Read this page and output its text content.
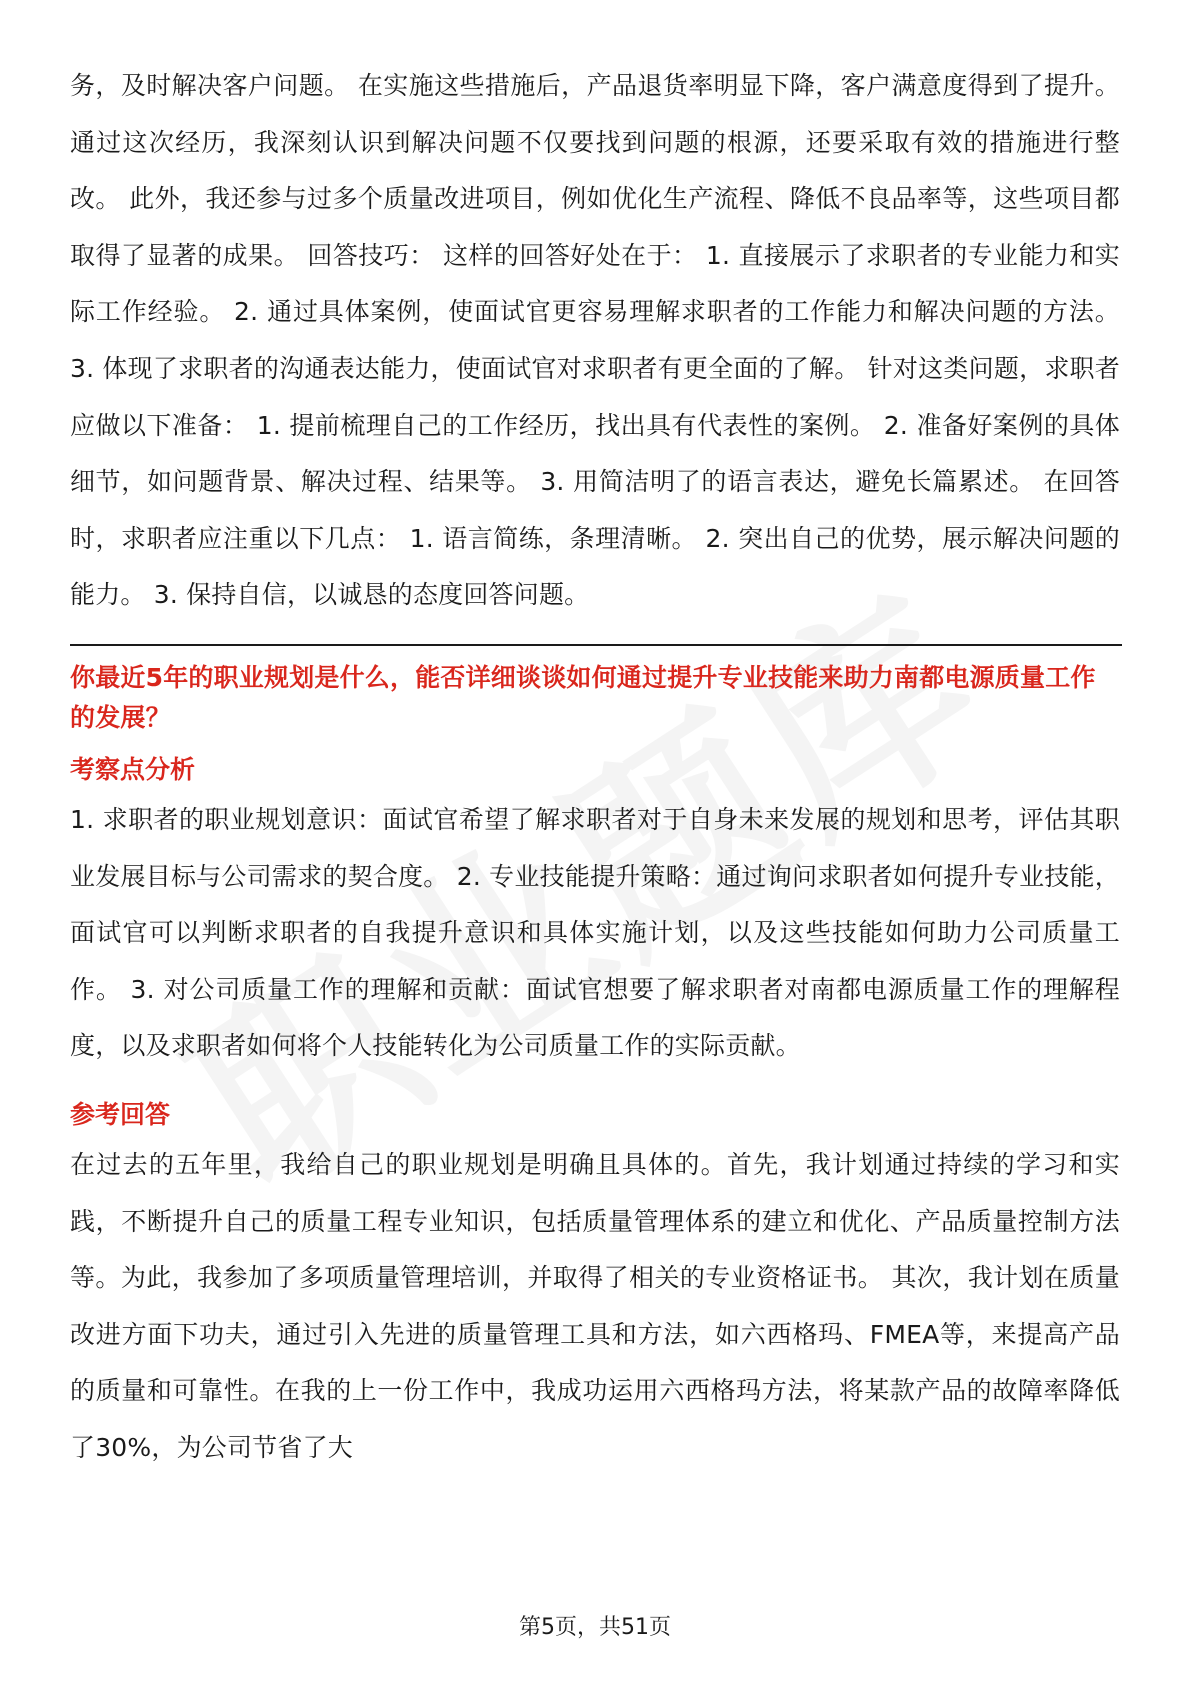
务，及时解决客户问题。 在实施这些措施后，产品退货率明显下降，客户满意度得到了提升。通过这次经历，我深刻认识到解决问题不仅要找到问题的根源，还要采取有效的措施进行整改。 此外，我还参与过多个质量改进项目，例如优化生产流程、降低不良品率等，这些项目都取得了显著的成果。 回答技巧： 这样的回答好处在于： 1. 直接展示了求职者的专业能力和实际工作经验。 2. 通过具体案例，使面试官更容易理解求职者的工作能力和解决问题的方法。 3. 体现了求职者的沟通表达能力，使面试官对求职者有更全面的了解。 针对这类问题，求职者应做以下准备： 1. 提前梳理自己的工作经历，找出具有代表性的案例。 2. 准备好案例的具体细节，如问题背景、解决过程、结果等。 3. 用简洁明了的语言表达，避免长篇累述。 在回答时，求职者应注重以下几点： 1. 语言简练，条理清晰。 2. 突出自己的优势，展示解决问题的能力。 3. 保持自信，以诚恳的态度回答问题。

你最近5年的职业规划是什么，能否详细谈谈如何通过提升专业技能来助力南都电源质量工作的发展？

考察点分析

1. 求职者的职业规划意识：面试官希望了解求职者对于自身未来发展的规划和思考，评估其职业发展目标与公司需求的契合度。 2. 专业技能提升策略：通过询问求职者如何提升专业技能，面试官可以判断求职者的自我提升意识和具体实施计划，以及这些技能如何助力公司质量工作。 3. 对公司质量工作的理解和贡献：面试官想要了解求职者对南都电源质量工作的理解程度，以及求职者如何将个人技能转化为公司质量工作的实际贡献。

参考回答

在过去的五年里，我给自己的职业规划是明确且具体的。首先，我计划通过持续的学习和实践，不断提升自己的质量工程专业知识，包括质量管理体系的建立和优化、产品质量控制方法等。为此，我参加了多项质量管理培训，并取得了相关的专业资格证书。 其次，我计划在质量改进方面下功夫，通过引入先进的质量管理工具和方法，如六西格玛、FMEA等，来提高产品的质量和可靠性。在我的上一份工作中，我成功运用六西格玛方法，将某款产品的故障率降低了30%，为公司节省了大

第5页，共51页
